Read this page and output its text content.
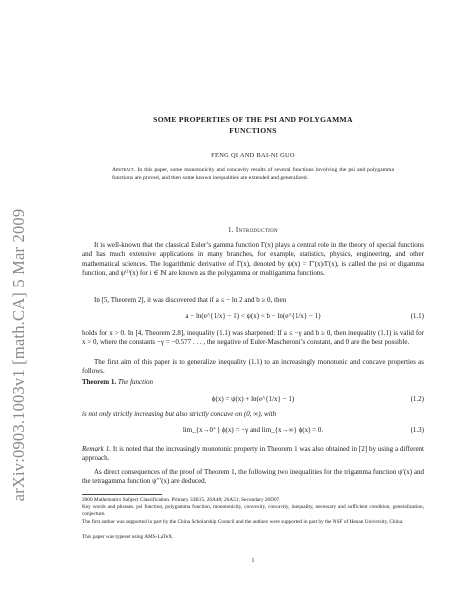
arXiv:0903.1003v1 [math.CA] 5 Mar 2009
SOME PROPERTIES OF THE PSI AND POLYGAMMA
FUNCTIONS
FENG QI AND BAI-NI GUO
Abstract. In this paper, some monotonicity and concavity results of several functions involving the psi and polygamma functions are proved, and then some known inequalities are extended and generalized.
1. Introduction
It is well-known that the classical Euler’s gamma function Γ(x) plays a central role in the theory of special functions and has much extensive applications in many branches, for example, statistics, physics, engineering, and other mathematical sciences. The logarithmic derivative of Γ(x), denoted by ψ(x) = Γ′(x)/Γ(x), is called the psi or digamma function, and ψ⁽ⁱ⁾(x) for i ∈ ℕ are known as the polygamma or multigamma functions.
In [5, Theorem 2], it was discovered that if a ≤ − ln 2 and b ≥ 0, then
a − ln(e^{1/x} − 1) < ψ(x) < b − ln(e^{1/x} − 1)	(1.1)
holds for x > 0. In [4, Theorem 2.8], inequality (1.1) was sharpened: If a ≤ −γ and b ≥ 0, then inequality (1.1) is valid for x > 0, where the constants −γ = −0.577 . . . , the negative of Euler-Mascheroni’s constant, and 0 are the best possible.
The first aim of this paper is to generalize inequality (1.1) to an increasingly monotonic and concave properties as follows.
Theorem 1. The function
ϕ(x) = ψ(x) + ln(e^{1/x} − 1)	(1.2)
is not only strictly increasing but also strictly concave on (0, ∞), with
lim_{x→0⁺} ϕ(x) = −γ and lim_{x→∞} ϕ(x) = 0.	(1.3)
Remark 1. It is noted that the increasingly monotonic property in Theorem 1 was also obtained in [2] by using a different approach.
As direct consequences of the proof of Theorem 1, the following two inequalities for the trigamma function ψ′(x) and the tetragamma function ψ′′′(x) are deduced.
2000 Mathematics Subject Classification. Primary 33B15, 26A48; 26A51; Secondary 26D07.
Key words and phrases. psi function, polygamma function, monotonicity, convexity, concavity, inequality, necessary and sufficient condition, generalization, conjecture.
The first author was supported in part by the China Scholarship Council and the authors were supported in part by the NSF of Henan University, China.
This paper was typeset using AMS-LaTeX.
1
